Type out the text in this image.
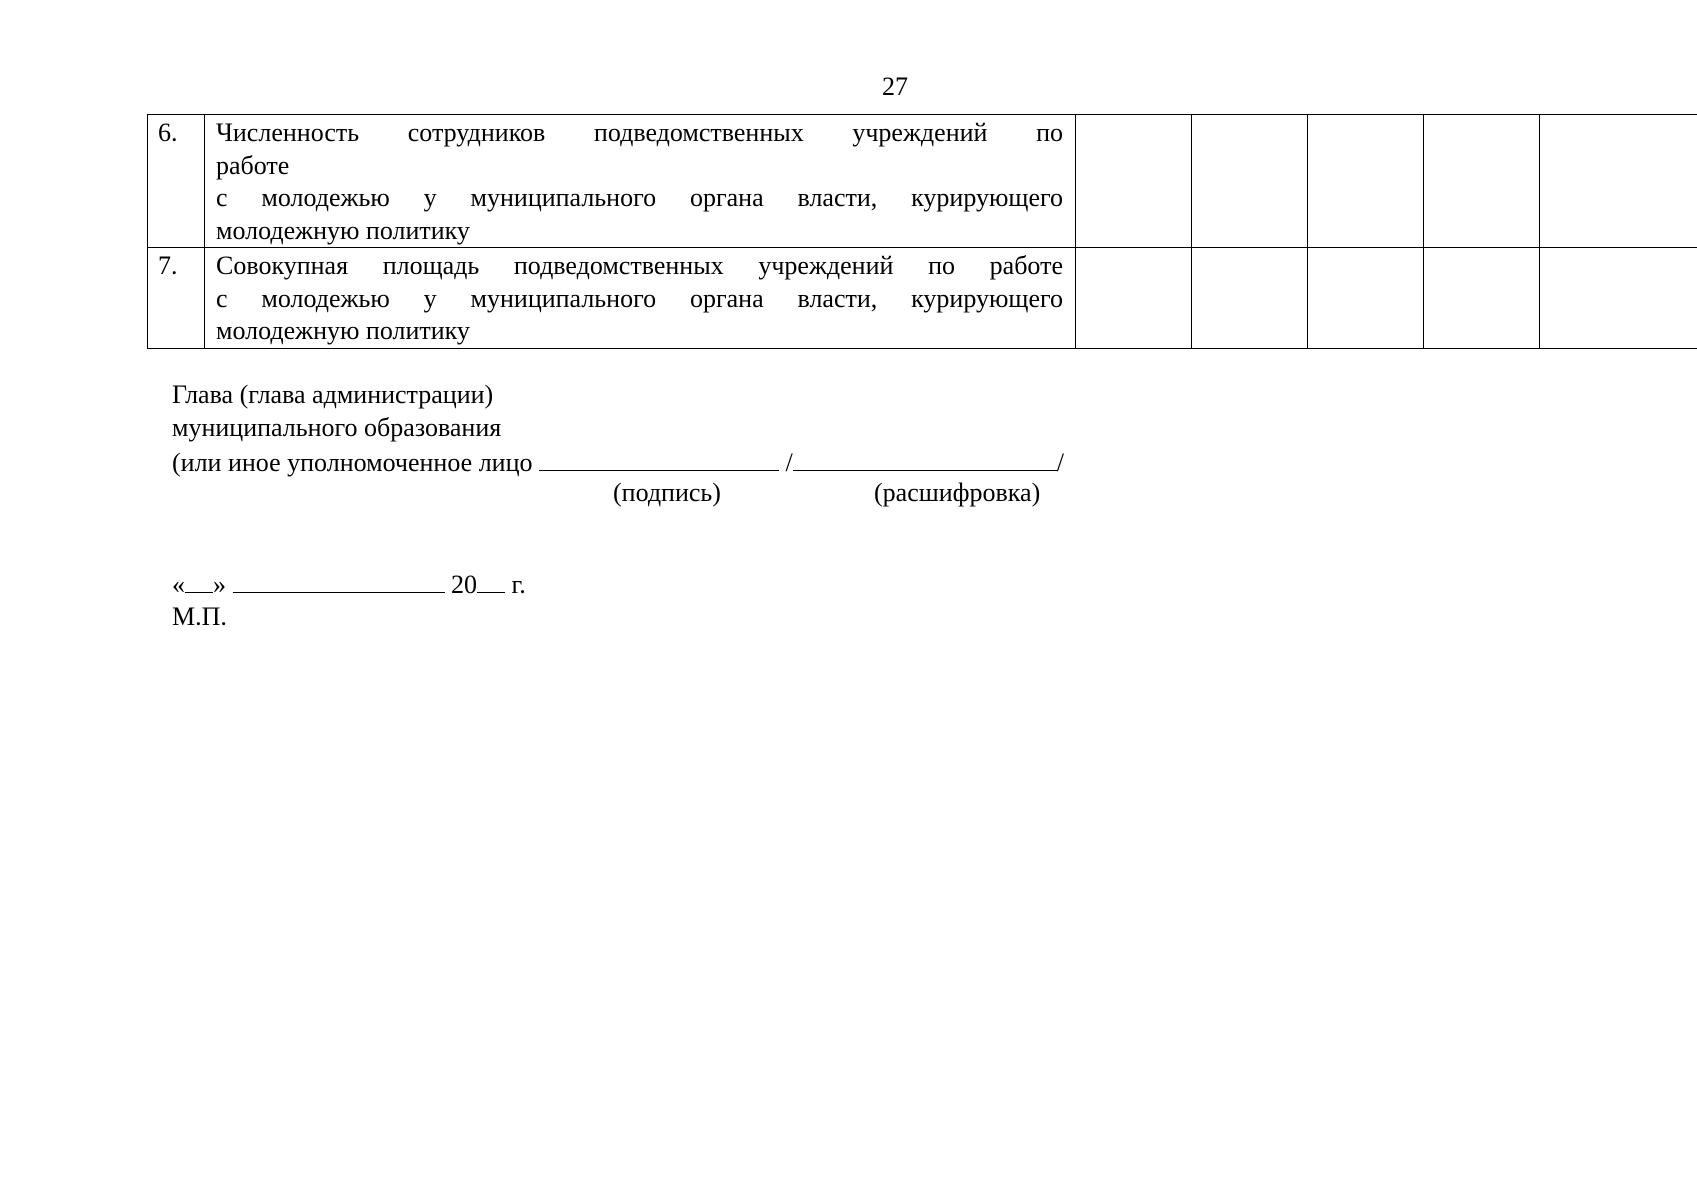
27
6.	Численность сотрудников подведомственных учреждений по
работе
с молодежью у муниципального органа власти, курирующего
молодежную политику					

7.	Совокупная площадь подведомственных учреждений по работе
с молодежью у муниципального органа власти, курирующего
молодежную политику					

Глава (глава администрации)
муниципального образования
(или иное уполномоченное лицо	/	/
(подпись)	(расшифровка)
« »	20 г.
М.П.
